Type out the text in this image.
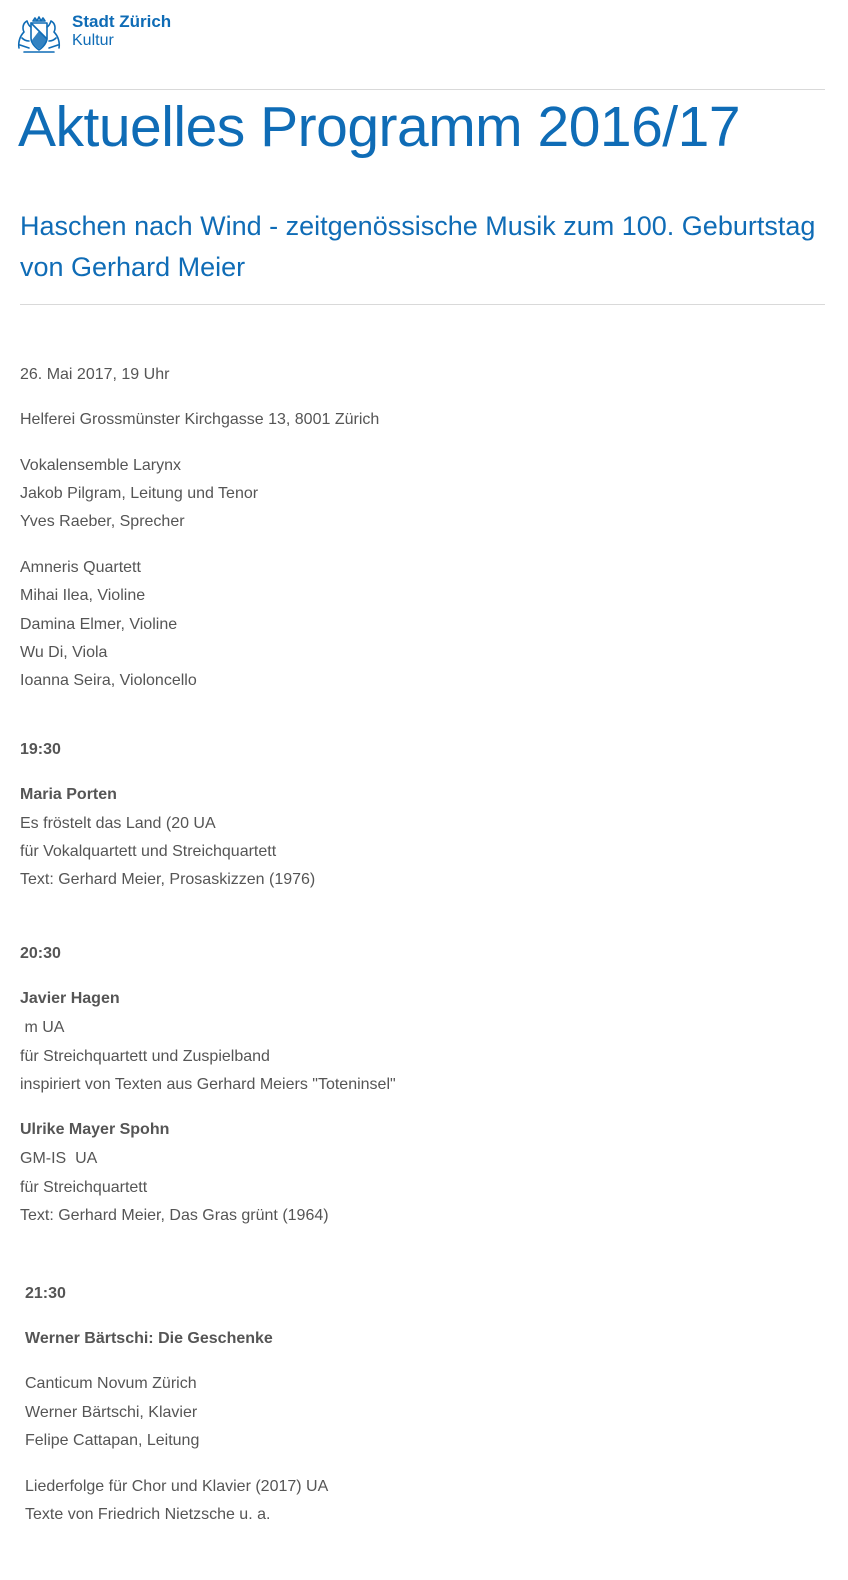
Stadt Zürich
Kultur
Aktuelles Programm 2016/17
Haschen nach Wind - zeitgenössische Musik zum 100. Geburtstag von Gerhard Meier
26. Mai 2017, 19 Uhr
Helferei Grossmünster Kirchgasse 13, 8001 Zürich
Vokalensemble Larynx
Jakob Pilgram, Leitung und Tenor
Yves Raeber, Sprecher
Amneris Quartett
Mihai Ilea, Violine
Damina Elmer, Violine
Wu Di, Viola
Ioanna Seira, Violoncello
19:30
Maria Porten
Es fröstelt das Land (20 UA
für Vokalquartett und Streichquartett
Text: Gerhard Meier, Prosaskizzen (1976)
20:30
Javier Hagen
m UA
für Streichquartett und Zuspielband
inspiriert von Texten aus Gerhard Meiers "Toteninsel"
Ulrike Mayer Spohn
GM-IS  UA
für Streichquartett
Text: Gerhard Meier, Das Gras grünt (1964)
21:30
Werner Bärtschi: Die Geschenke
Canticum Novum Zürich
Werner Bärtschi, Klavier
Felipe Cattapan, Leitung
Liederfolge für Chor und Klavier (2017) UA
Texte von Friedrich Nietzsche u. a.
